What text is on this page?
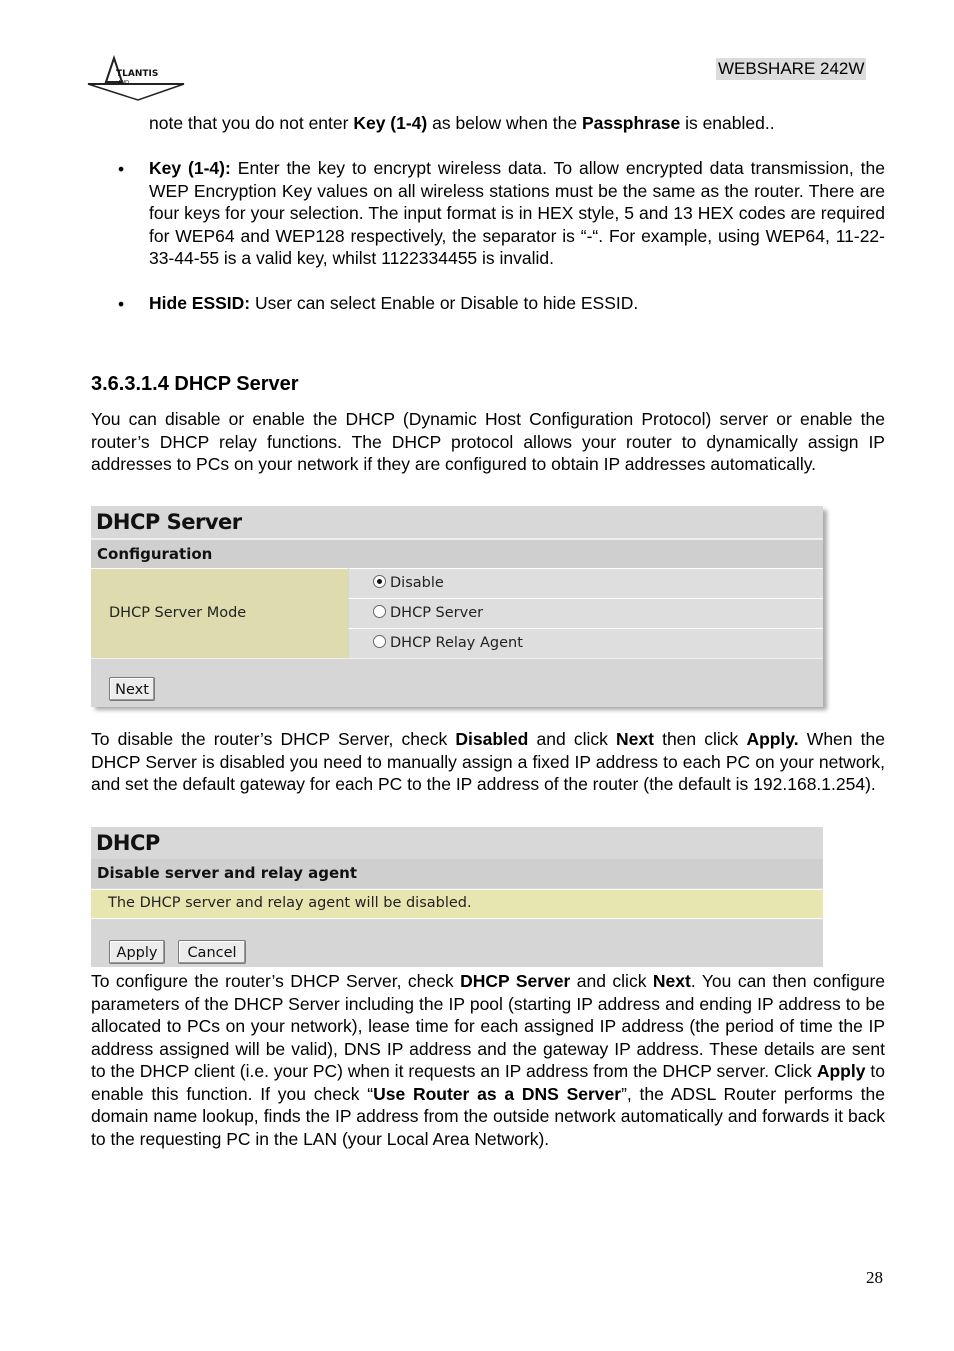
TLANTIS
AND
WEBSHARE 242W

note that you do not enter Key (1-4) as below when the Passphrase is enabled..

• Key (1-4): Enter the key to encrypt wireless data. To allow encrypted data transmission, the WEP Encryption Key values on all wireless stations must be the same as the router. There are four keys for your selection. The input format is in HEX style, 5 and 13 HEX codes are required for WEP64 and WEP128 respectively, the separator is “-“. For example, using WEP64, 11-22-33-44-55 is a valid key, whilst 1122334455 is invalid.

• Hide ESSID: User can select Enable or Disable to hide ESSID.

3.6.3.1.4 DHCP Server

You can disable or enable the DHCP (Dynamic Host Configuration Protocol) server or enable the router’s DHCP relay functions. The DHCP protocol allows your router to dynamically assign IP addresses to PCs on your network if they are configured to obtain IP addresses automatically.

DHCP Server
Configuration
DHCP Server Mode
Disable
DHCP Server
DHCP Relay Agent
Next

To disable the router’s DHCP Server, check Disabled and click Next then click Apply. When the DHCP Server is disabled you need to manually assign a fixed IP address to each PC on your network, and set the default gateway for each PC to the IP address of the router (the default is 192.168.1.254).

DHCP
Disable server and relay agent
The DHCP server and relay agent will be disabled.
Apply	Cancel

To configure the router’s DHCP Server, check DHCP Server and click Next. You can then configure parameters of the DHCP Server including the IP pool (starting IP address and ending IP address to be allocated to PCs on your network), lease time for each assigned IP address (the period of time the IP address assigned will be valid), DNS IP address and the gateway IP address. These details are sent to the DHCP client (i.e. your PC) when it requests an IP address from the DHCP server. Click Apply to enable this function. If you check “Use Router as a DNS Server”, the ADSL Router performs the domain name lookup, finds the IP address from the outside network automatically and forwards it back to the requesting PC in the LAN (your Local Area Network).

28
